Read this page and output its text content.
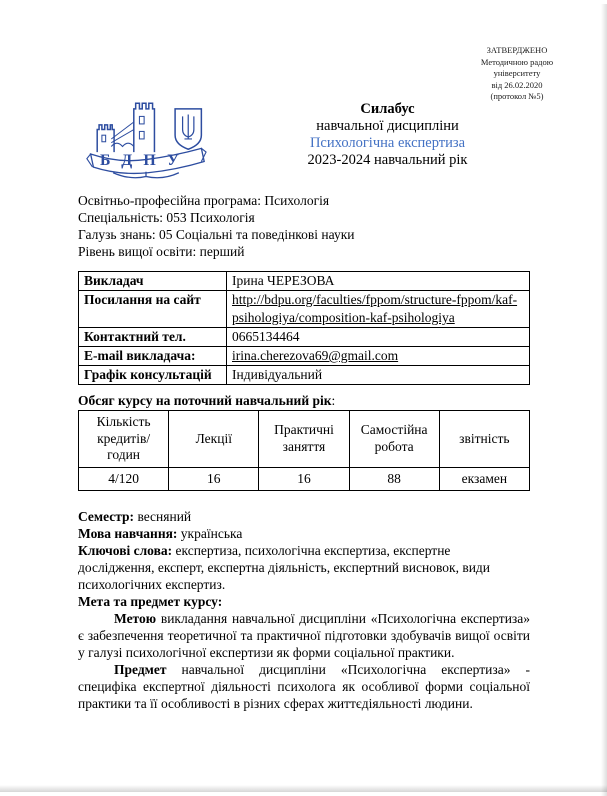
ЗАТВЕРДЖЕНО
Методичною радою
університету
від 26.02.2020
(протокол №5)
БДПУ
Силабус
навчальної дисципліни
Психологічна експертиза
2023-2024 навчальний рік
Освітньо-професійна програма: Психологія
Спеціальність: 053 Психологія
Галузь знань: 05 Соціальні та поведінкові науки
Рівень вищої освіти: перший
Викладач	Ірина ЧЕРЕЗОВА
Посилання на сайт	http://bdpu.org/faculties/fppom/structure-fppom/kaf-psihologiya/composition-kaf-psihologiya
Контактний тел.	0665134464
E-mail викладача:	irina.cherezova69@gmail.com
Графік консультацій	Індивідуальний
Обсяг курсу на поточний навчальний рік:
Кількість кредитів/ годин	Лекції	Практичні заняття	Самостійна робота	звітність
4/120	16	16	88	екзамен

Семестр: весняний

Мова навчання: українська

Ключові слова: експертиза, психологічна експертиза, експертне дослідження, експерт, експертна діяльність, експертний висновок, види психологічних експертиз.

Мета та предмет курсу:

Метою викладання навчальної дисципліни «Психологічна експертиза» є забезпечення теоретичної та практичної підготовки здобувачів вищої освіти у галузі психологічної експертизи як форми соціальної практики.

Предмет навчальної дисципліни «Психологічна експертиза» - специфіка експертної діяльності психолога як особливої форми соціальної практики та її особливості в різних сферах життєдіяльності людини.
